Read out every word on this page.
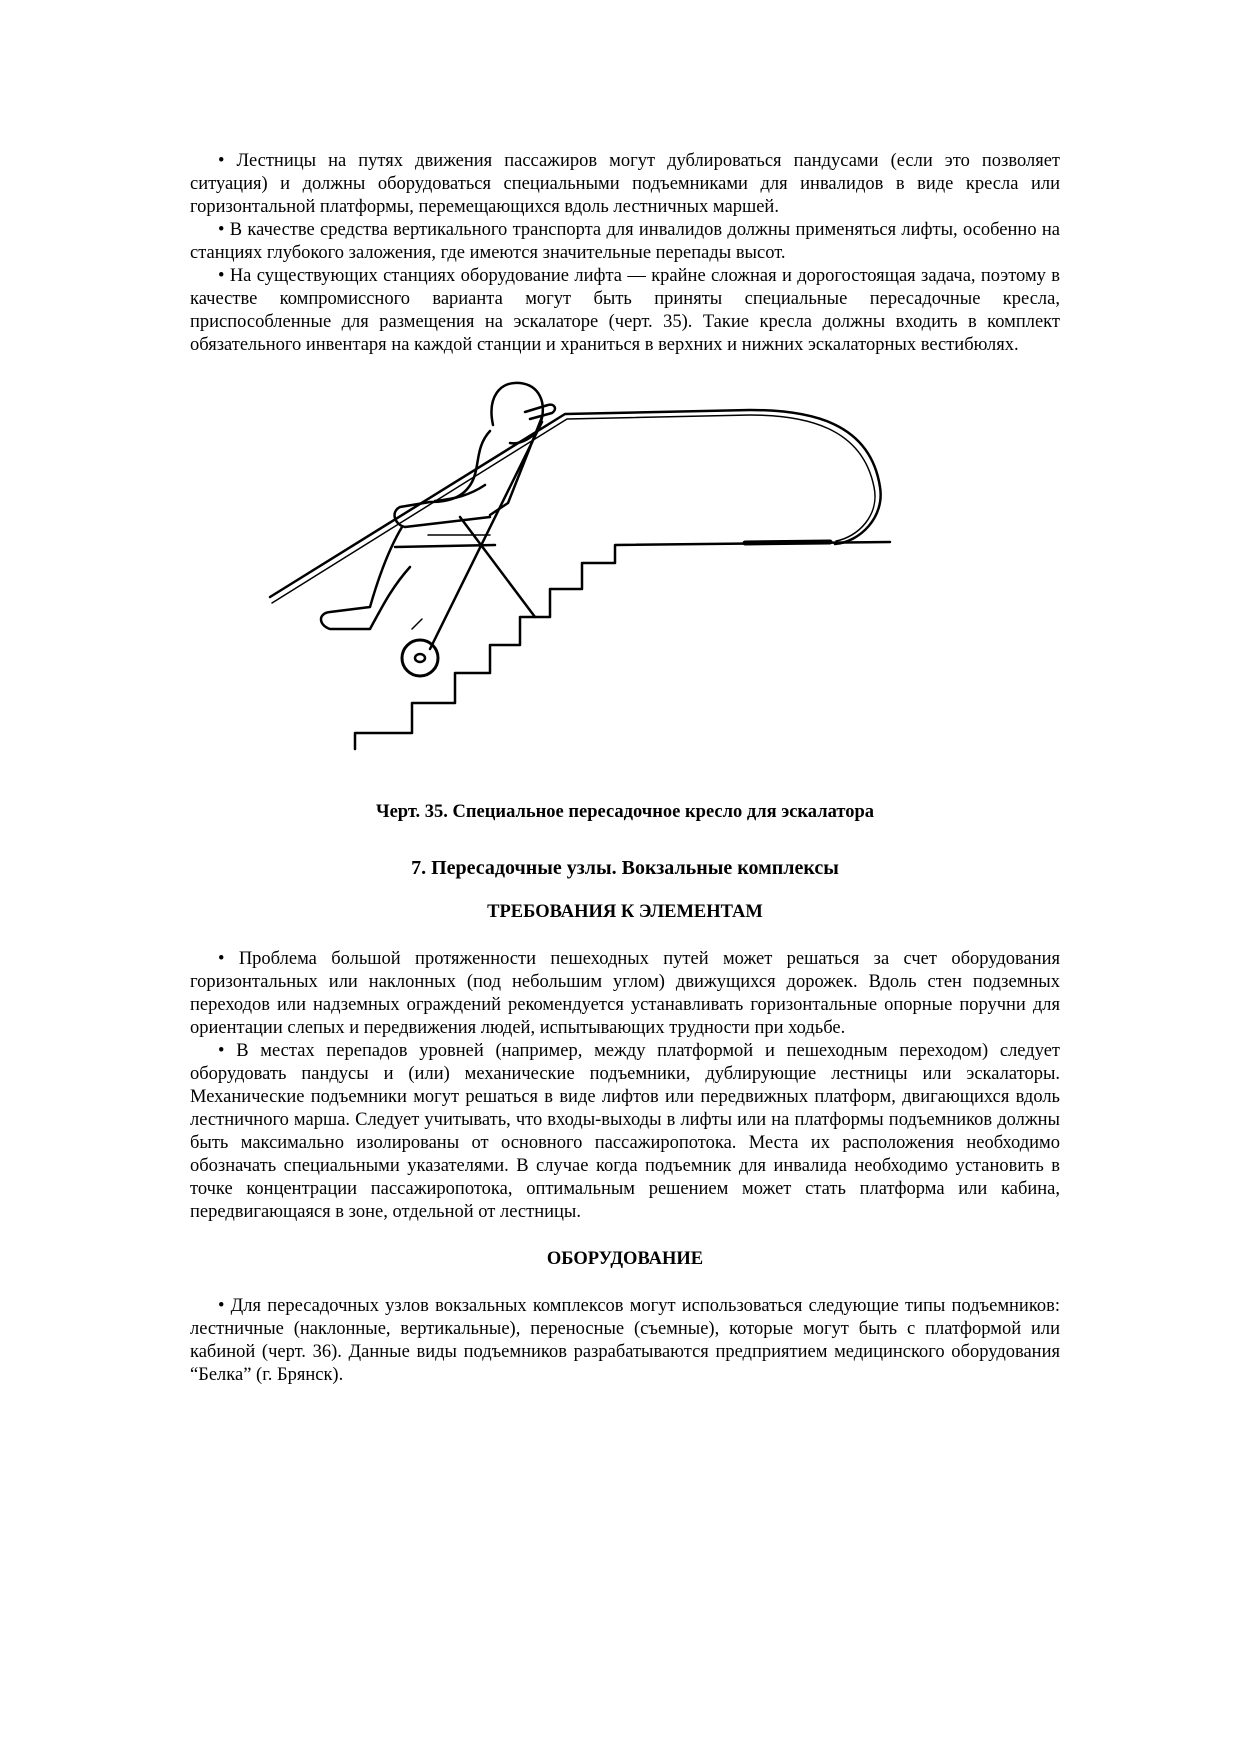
• Лестницы на путях движения пассажиров могут дублироваться пандусами (если это позволяет ситуация) и должны оборудоваться специальными подъемниками для инвалидов в виде кресла или горизонтальной платформы, перемещающихся вдоль лестничных маршей.

• В качестве средства вертикального транспорта для инвалидов должны применяться лифты, особенно на станциях глубокого заложения, где имеются значительные перепады высот.

• На существующих станциях оборудование лифта — крайне сложная и дорогостоящая задача, поэтому в качестве компромиссного варианта могут быть приняты специальные пересадочные кресла, приспособленные для размещения на эскалаторе (черт. 35). Такие кресла должны входить в комплект обязательного инвентаря на каждой станции и храниться в верхних и нижних эскалаторных вестибюлях.

Черт. 35. Специальное пересадочное кресло для эскалатора
7. Пересадочные узлы. Вокзальные комплексы
ТРЕБОВАНИЯ К ЭЛЕМЕНТАМ

• Проблема большой протяженности пешеходных путей может решаться за счет оборудования горизонтальных или наклонных (под небольшим углом) движущихся дорожек. Вдоль стен подземных переходов или надземных ограждений рекомендуется устанавливать горизонтальные опорные поручни для ориентации слепых и передвижения людей, испытывающих трудности при ходьбе.

• В местах перепадов уровней (например, между платформой и пешеходным переходом) следует оборудовать пандусы и (или) механические подъемники, дублирующие лестницы или эскалаторы. Механические подъемники могут решаться в виде лифтов или передвижных платформ, двигающихся вдоль лестничного марша. Следует учитывать, что входы-выходы в лифты или на платформы подъемников должны быть максимально изолированы от основного пассажиропотока. Места их расположения необходимо обозначать специальными указателями. В случае когда подъемник для инвалида необходимо установить в точке концентрации пассажиропотока, оптимальным решением может стать платформа или кабина, передвигающаяся в зоне, отдельной от лестницы.

ОБОРУДОВАНИЕ

• Для пересадочных узлов вокзальных комплексов могут использоваться следующие типы подъемников: лестничные (наклонные, вертикальные), переносные (съемные), которые могут быть с платформой или кабиной (черт. 36). Данные виды подъемников разрабатываются предприятием медицинского оборудования “Белка” (г. Брянск).
